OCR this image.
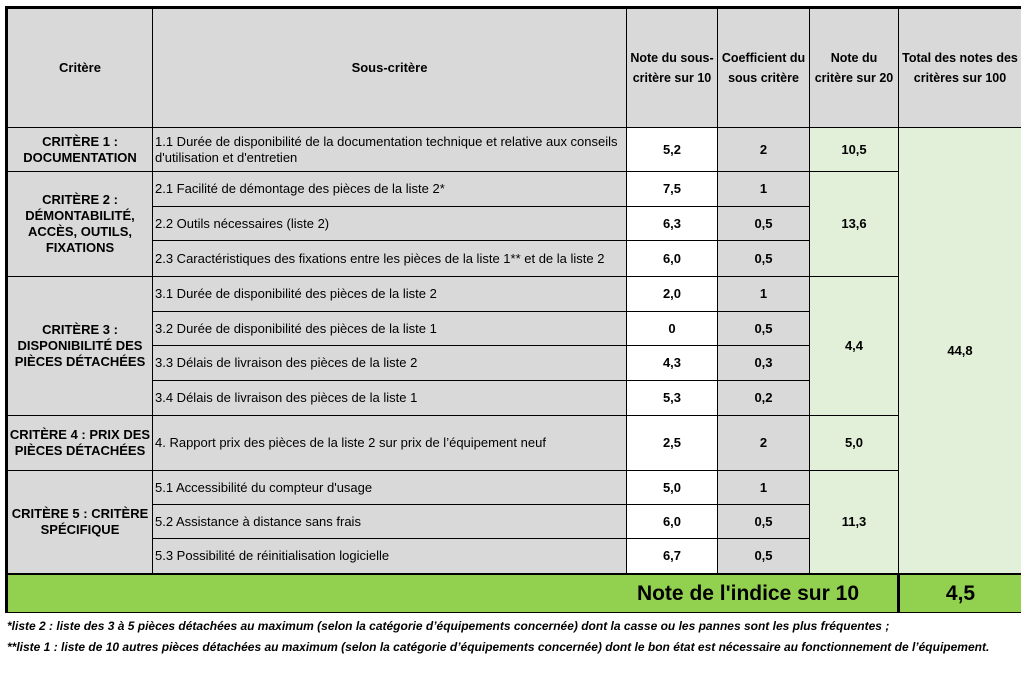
Critère	Sous-critère	Note du sous-critère sur 10	Coefficient du sous critère	Note du critère sur 20	Total des notes des critères sur 100
CRITÈRE 1 : DOCUMENTATION	1.1 Durée de disponibilité de la documentation technique et relative aux conseils d'utilisation et d'entretien	5,2	2	10,5	44,8
CRITÈRE 2 : DÉMONTABILITÉ, ACCÈS, OUTILS, FIXATIONS	2.1 Facilité de démontage des pièces de la liste 2*	7,5	1	13,6	
	2.2 Outils nécessaires (liste 2)	6,3	0,5		
	2.3 Caractéristiques des fixations entre les pièces de la liste 1** et de la liste 2	6,0	0,5		
CRITÈRE 3 : DISPONIBILITÉ DES PIÈCES DÉTACHÉES	3.1 Durée de disponibilité des pièces de la liste 2	2,0	1	4,4	
	3.2 Durée de disponibilité des pièces de la liste 1	0	0,5		
	3.3 Délais de livraison des pièces de la liste 2	4,3	0,3		
	3.4 Délais de livraison des pièces de la liste 1	5,3	0,2		
CRITÈRE 4 : PRIX DES PIÈCES DÉTACHÉES	4. Rapport prix des pièces de la liste 2 sur prix de l’équipement neuf	2,5	2	5,0	
CRITÈRE 5 : CRITÈRE SPÉCIFIQUE	5.1 Accessibilité du compteur d'usage	5,0	1	11,3	
	5.2 Assistance à distance sans frais	6,0	0,5		
	5.3 Possibilité de réinitialisation logicielle	6,7	0,5		
Note de l'indice sur 10	4,5

*liste 2 : liste des 3 à 5 pièces détachées au maximum (selon la catégorie d’équipements concernée) dont la casse ou les pannes sont les plus fréquentes ;

**liste 1 : liste de 10 autres pièces détachées au maximum (selon la catégorie d’équipements concernée) dont le bon état est nécessaire au fonctionnement de l’équipement.
